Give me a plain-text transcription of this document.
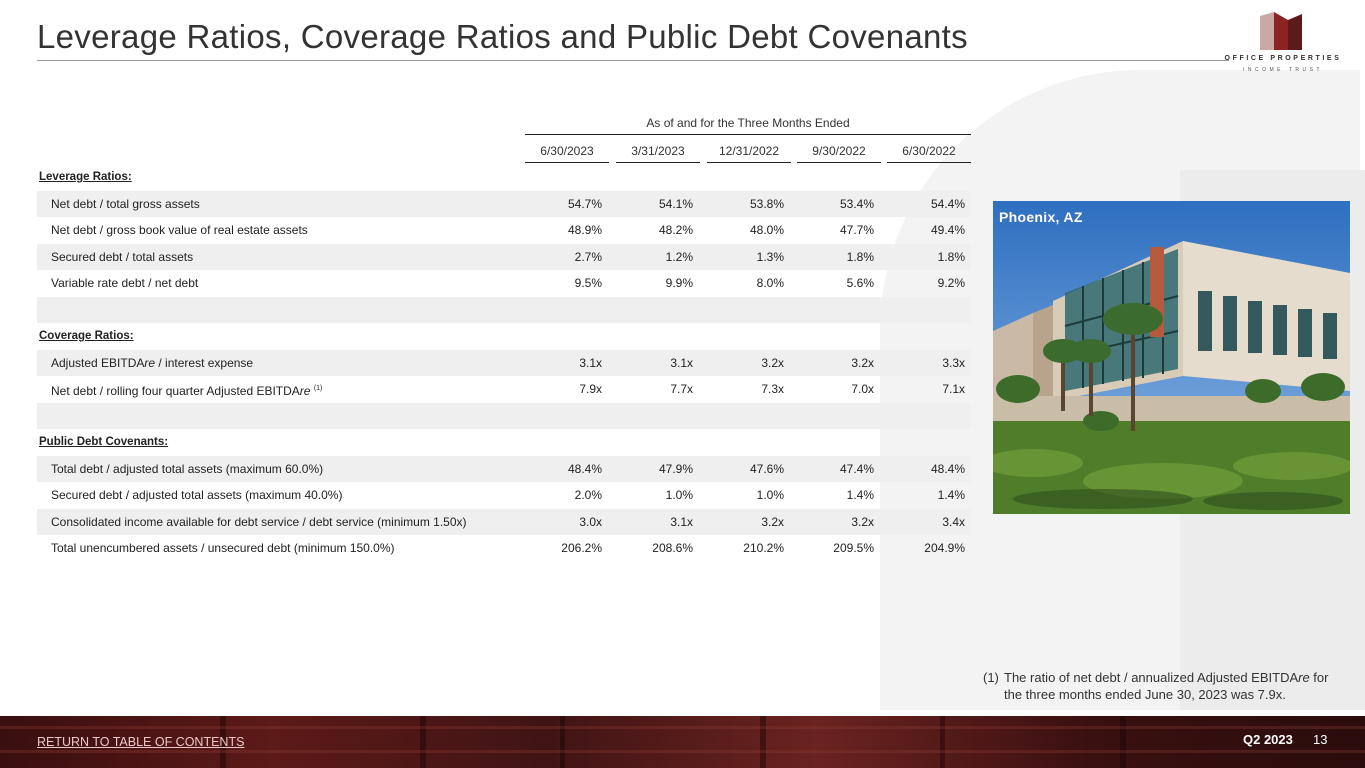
Leverage Ratios, Coverage Ratios and Public Debt Covenants
OFFICE PROPERTIES
INCOME TRUST
As of and for the Three Months Ended
6/30/2023	3/31/2023	12/31/2022	9/30/2022	6/30/2022
Leverage Ratios:
Net debt / total gross assets	54.7%	54.1%	53.8%	53.4%	54.4%
Net debt / gross book value of real estate assets	48.9%	48.2%	48.0%	47.7%	49.4%
Secured debt / total assets	2.7%	1.2%	1.3%	1.8%	1.8%
Variable rate debt / net debt	9.5%	9.9%	8.0%	5.6%	9.2%
Coverage Ratios:
Adjusted EBITDAre / interest expense	3.1x	3.1x	3.2x	3.2x	3.3x
Net debt / rolling four quarter Adjusted EBITDAre $^{(1)}$	7.9x	7.7x	7.3x	7.0x	7.1x
Public Debt Covenants:
Total debt / adjusted total assets (maximum 60.0%)	48.4%	47.9%	47.6%	47.4%	48.4%
Secured debt / adjusted total assets (maximum 40.0%)	2.0%	1.0%	1.0%	1.4%	1.4%
Consolidated income available for debt service / debt service (minimum 1.50x)	3.0x	3.1x	3.2x	3.2x	3.4x
Total unencumbered assets / unsecured debt (minimum 150.0%)	206.2%	208.6%	210.2%	209.5%	204.9%
Phoenix, AZ
(1) The ratio of net debt / annualized Adjusted EBITDAre for the three months ended June 30, 2023 was 7.9x.
RETURN TO TABLE OF CONTENTS	Q2 2023 13
